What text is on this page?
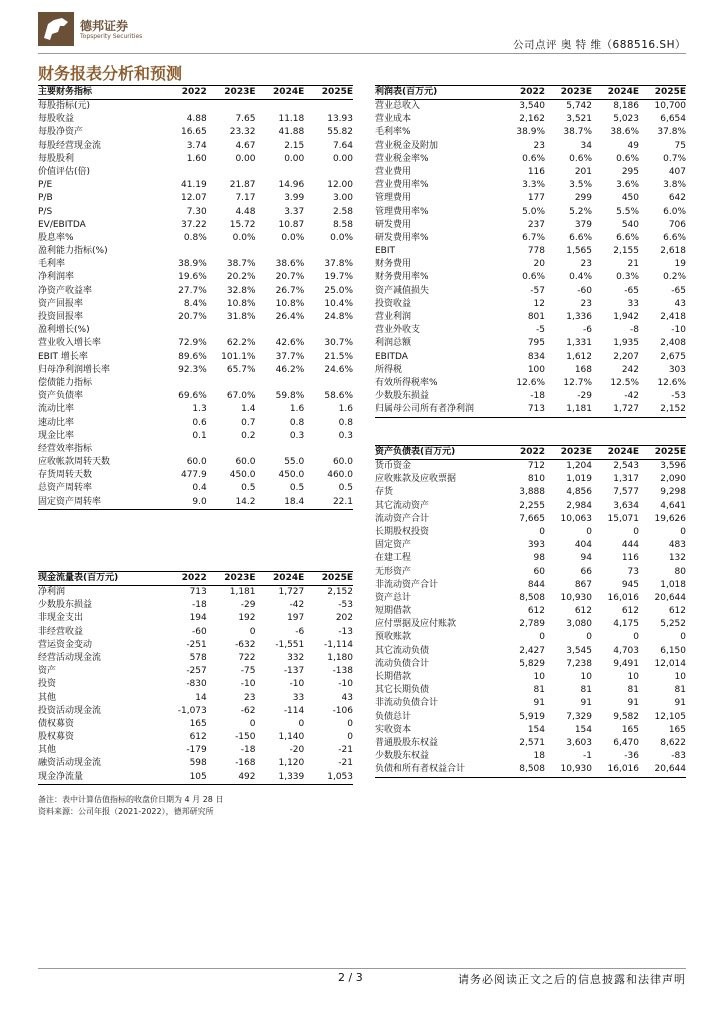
德邦证券
Topsperity Securities
公司点评 奥 特 维（688516.SH）
财务报表分析和预测
主要财务指标	2022	2023E	2024E	2025E
每股指标(元)
每股收益	4.88	7.65	11.18	13.93
每股净资产	16.65	23.32	41.88	55.82
每股经营现金流	3.74	4.67	2.15	7.64
每股股利	1.60	0.00	0.00	0.00
价值评估(倍)
P/E	41.19	21.87	14.96	12.00
P/B	12.07	7.17	3.99	3.00
P/S	7.30	4.48	3.37	2.58
EV/EBITDA	37.22	15.72	10.87	8.58
股息率%	0.8%	0.0%	0.0%	0.0%
盈利能力指标(%)
毛利率	38.9%	38.7%	38.6%	37.8%
净利润率	19.6%	20.2%	20.7%	19.7%
净资产收益率	27.7%	32.8%	26.7%	25.0%
资产回报率	8.4%	10.8%	10.8%	10.4%
投资回报率	20.7%	31.8%	26.4%	24.8%
盈利增长(%)
营业收入增长率	72.9%	62.2%	42.6%	30.7%
EBIT 增长率	89.6%	101.1%	37.7%	21.5%
归母净利润增长率	92.3%	65.7%	46.2%	24.6%
偿债能力指标
资产负债率	69.6%	67.0%	59.8%	58.6%
流动比率	1.3	1.4	1.6	1.6
速动比率	0.6	0.7	0.8	0.8
现金比率	0.1	0.2	0.3	0.3
经营效率指标
应收帐款周转天数	60.0	60.0	55.0	60.0
存货周转天数	477.9	450.0	450.0	460.0
总资产周转率	0.4	0.5	0.5	0.5
固定资产周转率	9.0	14.2	18.4	22.1
现金流量表(百万元)	2022	2023E	2024E	2025E
净利润	713	1,181	1,727	2,152
少数股东损益	-18	-29	-42	-53
非现金支出	194	192	197	202
非经营收益	-60	0	-6	-13
营运资金变动	-251	-632	-1,551	-1,114
经营活动现金流	578	722	332	1,180
资产	-257	-75	-137	-138
投资	-830	-10	-10	-10
其他	14	23	33	43
投资活动现金流	-1,073	-62	-114	-106
债权募资	165	0	0	0
股权募资	612	-150	1,140	0
其他	-179	-18	-20	-21
融资活动现金流	598	-168	1,120	-21
现金净流量	105	492	1,339	1,053
利润表(百万元)	2022	2023E	2024E	2025E
营业总收入	3,540	5,742	8,186	10,700
营业成本	2,162	3,521	5,023	6,654
毛利率%	38.9%	38.7%	38.6%	37.8%
营业税金及附加	23	34	49	75
营业税金率%	0.6%	0.6%	0.6%	0.7%
营业费用	116	201	295	407
营业费用率%	3.3%	3.5%	3.6%	3.8%
管理费用	177	299	450	642
管理费用率%	5.0%	5.2%	5.5%	6.0%
研发费用	237	379	540	706
研发费用率%	6.7%	6.6%	6.6%	6.6%
EBIT	778	1,565	2,155	2,618
财务费用	20	23	21	19
财务费用率%	0.6%	0.4%	0.3%	0.2%
资产减值损失	-57	-60	-65	-65
投资收益	12	23	33	43
营业利润	801	1,336	1,942	2,418
营业外收支	-5	-6	-8	-10
利润总额	795	1,331	1,935	2,408
EBITDA	834	1,612	2,207	2,675
所得税	100	168	242	303
有效所得税率%	12.6%	12.7%	12.5%	12.6%
少数股东损益	-18	-29	-42	-53
归属母公司所有者净利润	713	1,181	1,727	2,152
资产负债表(百万元)	2022	2023E	2024E	2025E
货币资金	712	1,204	2,543	3,596
应收账款及应收票据	810	1,019	1,317	2,090
存货	3,888	4,856	7,577	9,298
其它流动资产	2,255	2,984	3,634	4,641
流动资产合计	7,665	10,063	15,071	19,626
长期股权投资	0	0	0	0
固定资产	393	404	444	483
在建工程	98	94	116	132
无形资产	60	66	73	80
非流动资产合计	844	867	945	1,018
资产总计	8,508	10,930	16,016	20,644
短期借款	612	612	612	612
应付票据及应付账款	2,789	3,080	4,175	5,252
预收账款	0	0	0	0
其它流动负债	2,427	3,545	4,703	6,150
流动负债合计	5,829	7,238	9,491	12,014
长期借款	10	10	10	10
其它长期负债	81	81	81	81
非流动负债合计	91	91	91	91
负债总计	5,919	7,329	9,582	12,105
实收资本	154	154	165	165
普通股股东权益	2,571	3,603	6,470	8,622
少数股东权益	18	-1	-36	-83
负债和所有者权益合计	8,508	10,930	16,016	20,644
备注：表中计算估值指标的收盘价日期为 4 月 28 日
资料来源：公司年报（2021-2022），德邦研究所
2 / 3	请务必阅读正文之后的信息披露和法律声明
